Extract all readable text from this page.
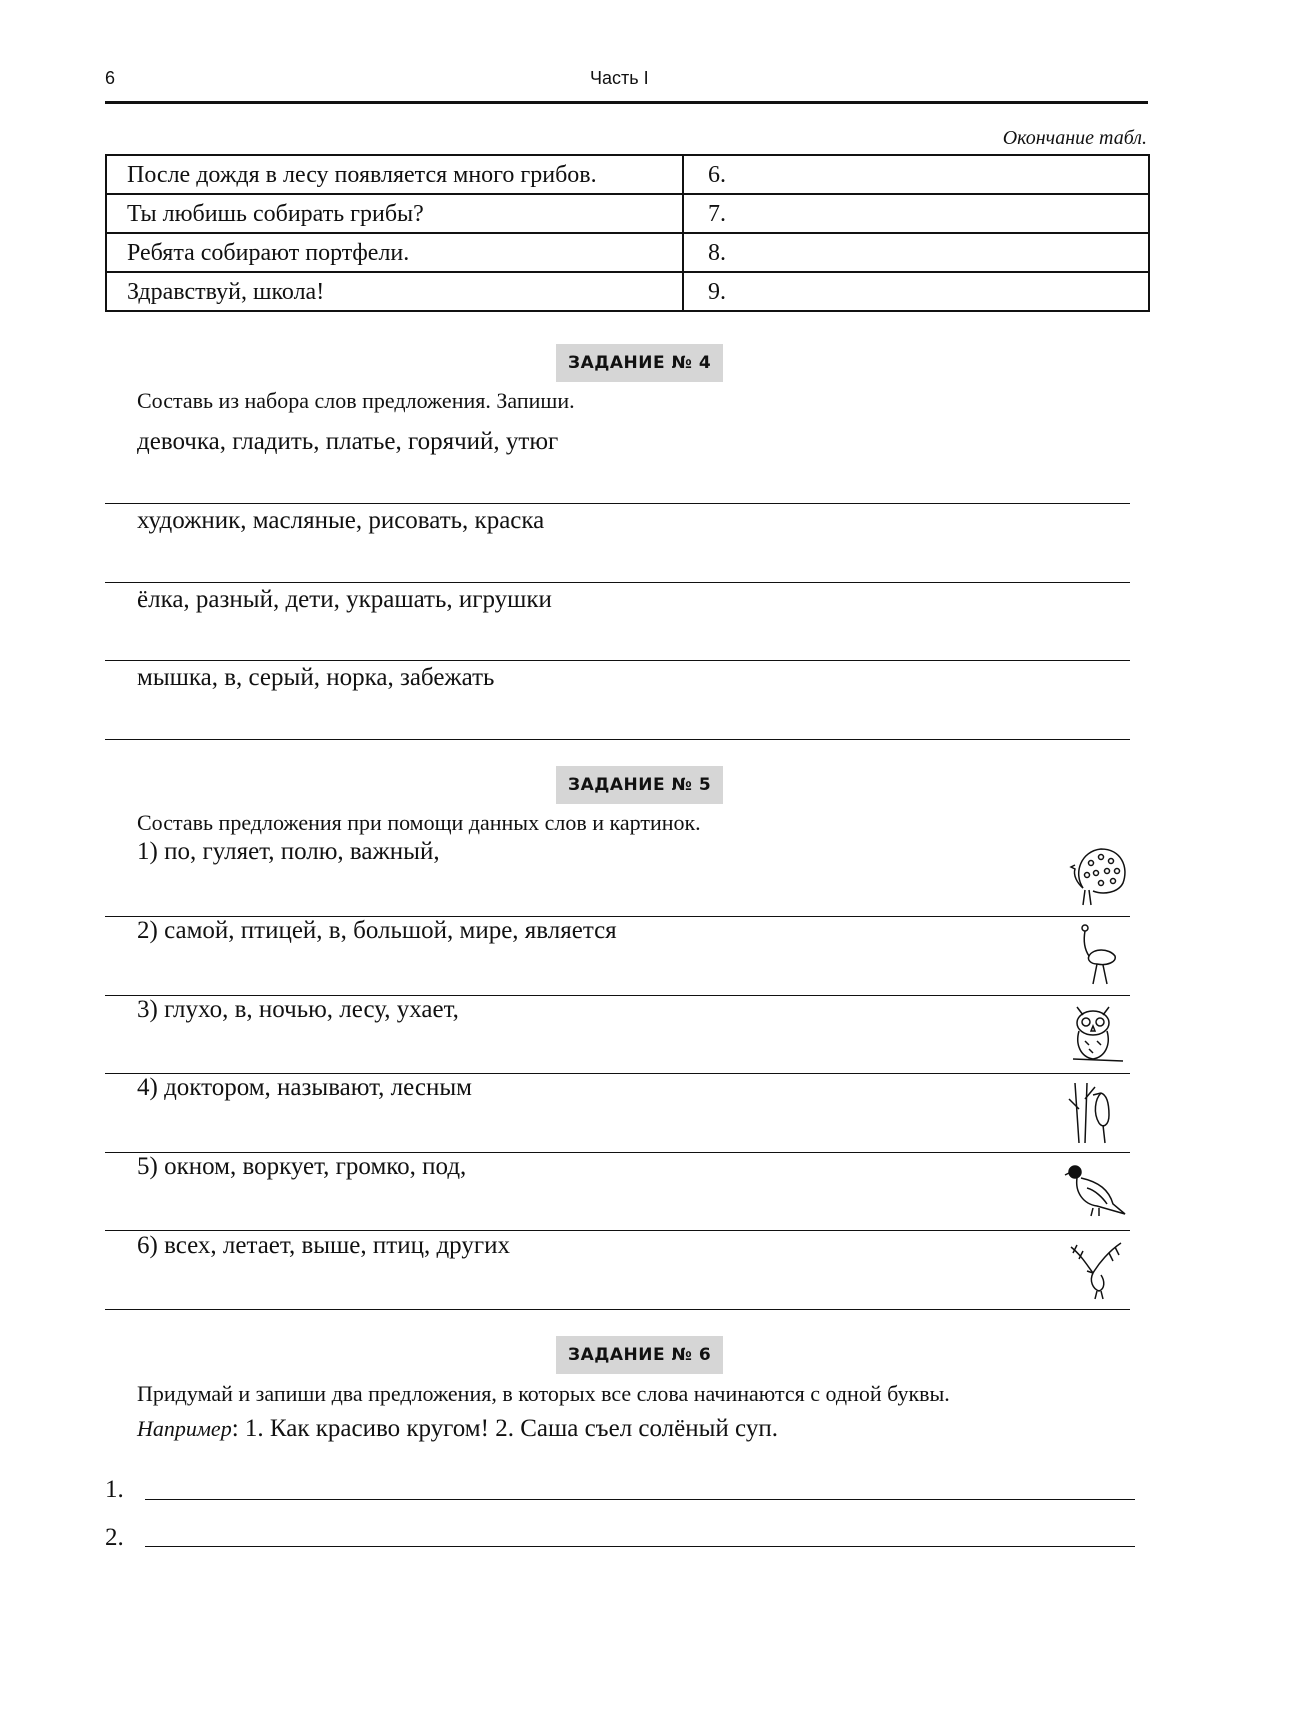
6	Часть I
Окончание табл.
После дождя в лесу появляется много грибов.	6.
Ты любишь собирать грибы?	7.
Ребята собирают портфели.	8.
Здравствуй, школа!	9.
ЗАДАНИЕ № 4
Составь из набора слов предложения. Запиши.
девочка, гладить, платье, горячий, утюг
художник, масляные, рисовать, краска
ёлка, разный, дети, украшать, игрушки
мышка, в, серый, норка, забежать
ЗАДАНИЕ № 5
Составь предложения при помощи данных слов и картинок.
1) по, гуляет, полю, важный,
2) самой, птицей, в, большой, мире, является
3) глухо, в, ночью, лесу, ухает,
4) доктором, называют, лесным
5) окном, воркует, громко, под,
6) всех, летает, выше, птиц, других
ЗАДАНИЕ № 6
Придумай и запиши два предложения, в которых все слова начинаются с одной буквы.
Например: 1. Как красиво кругом! 2. Саша съел солёный суп.
1.
2.
